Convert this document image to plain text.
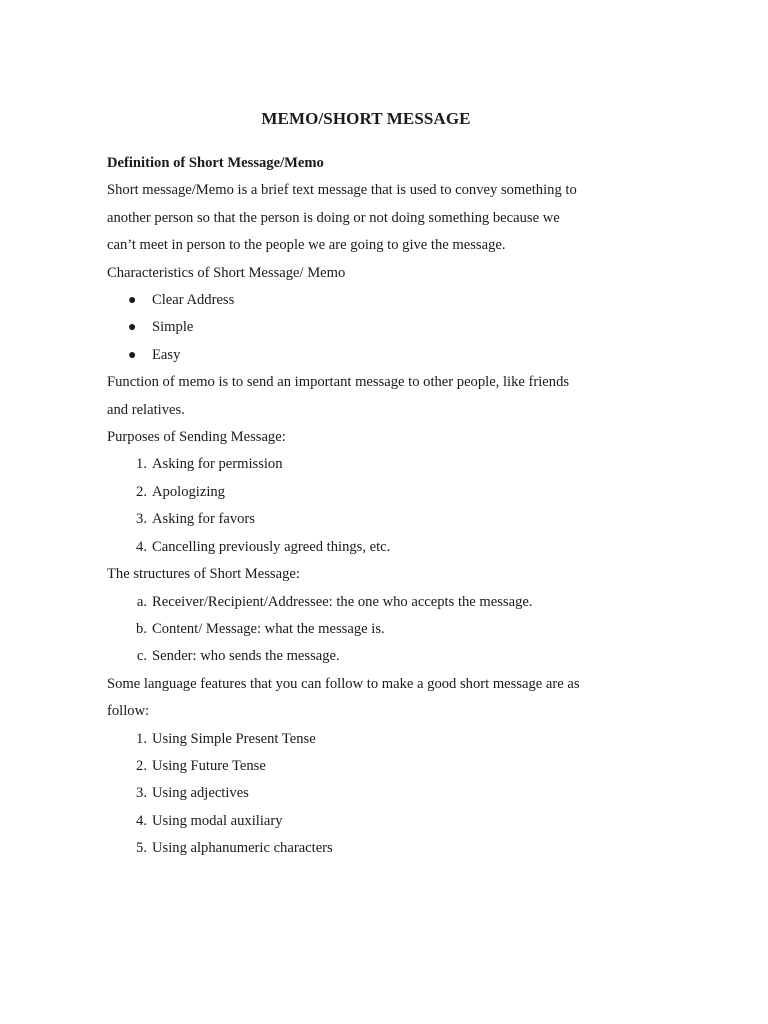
MEMO/SHORT MESSAGE

Definition of Short Message/Memo

Short message/Memo is a brief text message that is used to convey something to

another person so that the person is doing or not doing something because we

can’t meet in person to the people we are going to give the message.

Characteristics of Short Message/ Memo

● Clear Address
● Simple
● Easy

Function of memo is to send an important message to other people, like friends

and relatives.

Purposes of Sending Message:

1. Asking for permission
2. Apologizing
3. Asking for favors
4. Cancelling previously agreed things, etc.

The structures of Short Message:

a. Receiver/Recipient/Addressee: the one who accepts the message.
b. Content/ Message: what the message is.
c. Sender: who sends the message.

Some language features that you can follow to make a good short message are as

follow:

1. Using Simple Present Tense
2. Using Future Tense
3. Using adjectives
4. Using modal auxiliary
5. Using alphanumeric characters
